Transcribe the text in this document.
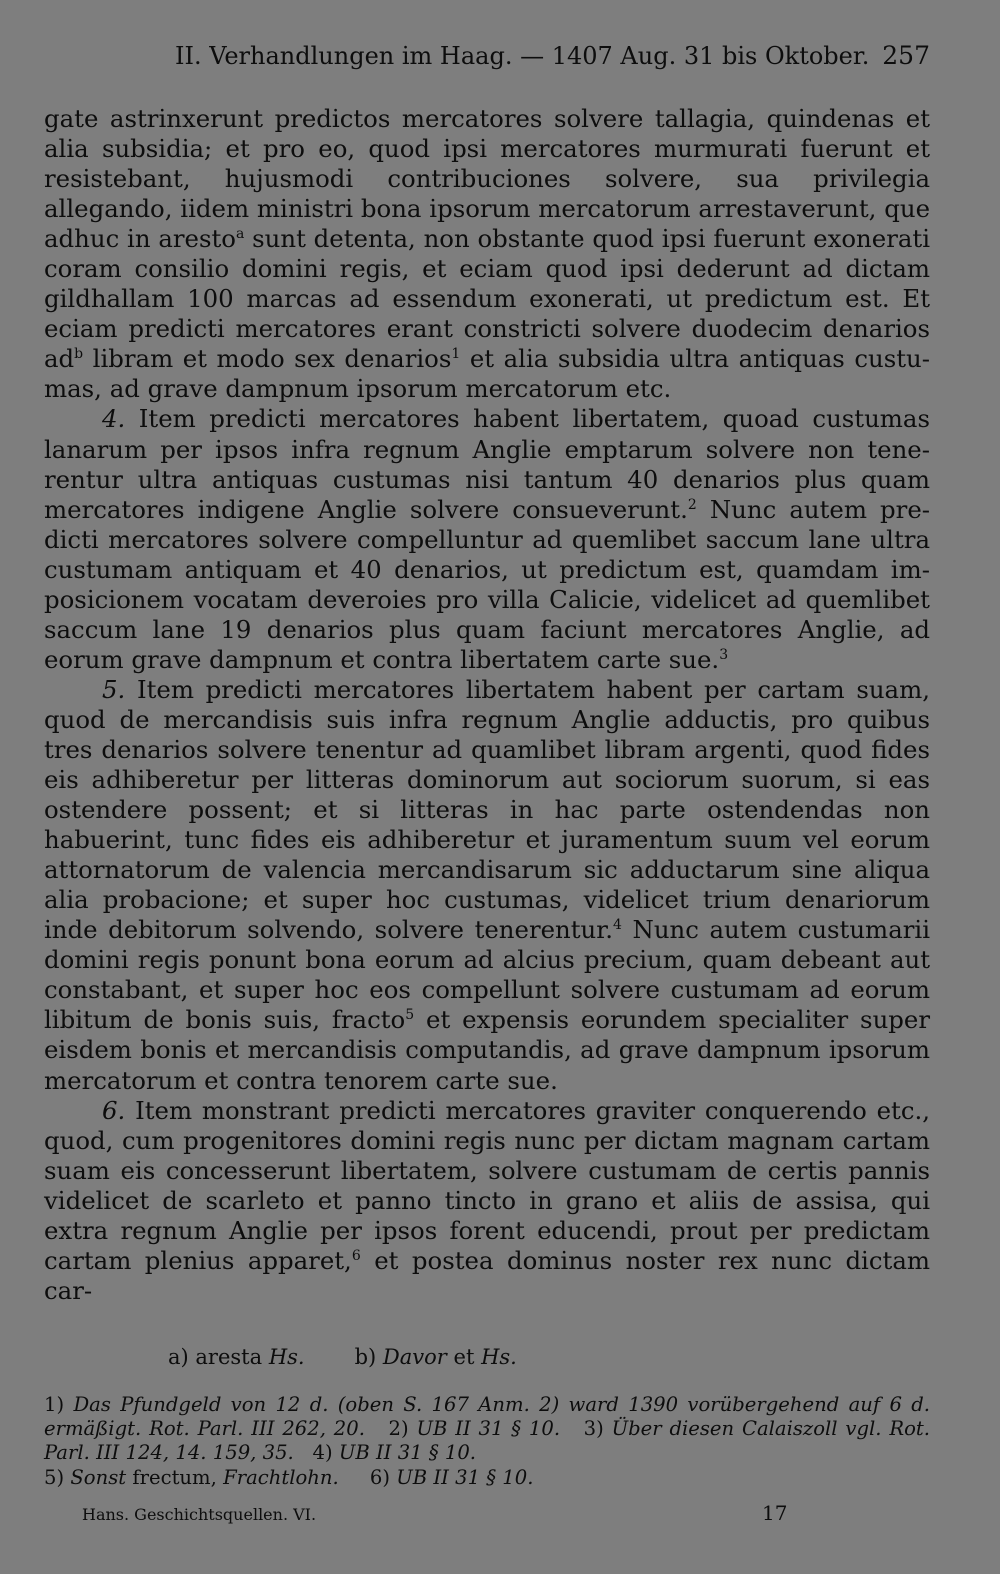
II. Verhandlungen im Haag. — 1407 Aug. 31 bis Oktober. 257

gate astrinxerunt predictos mercatores solvere tallagia, quindenas et alia subsidia; et pro eo, quod ipsi mercatores murmurati fuerunt et resistebant, hujusmodi contribuciones solvere, sua privilegia allegando, iidem ministri bona ipsorum mercatorum arrestaverunt, que adhuc in aresto$^a$ sunt detenta, non obstante quod ipsi fuerunt exonerati coram consilio domini regis, et eciam quod ipsi dederunt ad dictam gildhallam 100 marcas ad essendum exonerati, ut predictum est. Et eciam predicti mercatores erant constricti solvere duodecim denarios $ad^b$ libram et modo sex denarios$^1$ et alia subsidia ultra antiquas custumas, ad grave dampnum ipsorum mercatorum etc.

4. Item predicti mercatores habent libertatem, quoad custumas lanarum per ipsos infra regnum Anglie emptarum solvere non tenerentur ultra antiquas custumas nisi tantum 40 denarios plus quam mercatores indigene Anglie solvere consueverunt.$^2$ Nunc autem predicti mercatores solvere compelluntur ad quemlibet saccum lane ultra custumam antiquam et 40 denarios, ut predictum est, quamdam imposicionem vocatam deveroies pro villa Calicie, videlicet ad quemlibet saccum lane 19 denarios plus quam faciunt mercatores Anglie, ad eorum grave dampnum et contra libertatem carte sue.$^3$

5. Item predicti mercatores libertatem habent per cartam suam, quod de mercandisis suis infra regnum Anglie adductis, pro quibus tres denarios solvere tenentur ad quamlibet libram argenti, quod fides eis adhiberetur per litteras dominorum aut sociorum suorum, si eas ostendere possent; et si litteras in hac parte ostendendas non habuerint, tunc fides eis adhiberetur et juramentum suum vel eorum attornatorum de valencia mercandisarum sic adductarum sine aliqua alia probacione; et super hoc custumas, videlicet trium denariorum inde debitorum solvendo, solvere tenerentur.$^4$ Nunc autem custumarii domini regis ponunt bona eorum ad alcius precium, quam debeant aut constabant, et super hoc eos compellunt solvere custumam ad eorum libitum de bonis suis, fracto$^5$ et expensis eorundem specialiter super eisdem bonis et mercandisis computandis, ad grave dampnum ipsorum mercatorum et contra tenorem carte sue.

6. Item monstrant predicti mercatores graviter conquerendo etc., quod, cum progenitores domini regis nunc per dictam magnam cartam suam eis concesserunt libertatem, solvere custumam de certis pannis videlicet de scarleto et panno tincto in grano et aliis de assisa, qui extra regnum Anglie per ipsos forent educendi, prout per predictam cartam plenius apparet,$^6$ et postea dominus noster rex nunc dictam car-

a) aresta Hs. b) Davor et Hs.

1) Das Pfundgeld von 12 d. (oben S. 167 Anm. 2) ward 1390 vorübergehend auf 6 d. ermäßigt. Rot. Parl. III 262, 20. 2) UB II 31 § 10. 3) Über diesen Calaiszoll vgl. Rot. Parl. III 124, 14. 159, 35. 4) UB II 31 § 10.

5) Sonst frectum, Frachtlohn. 6) UB II 31 § 10.

Hans. Geschichtsquellen. VI.	17
